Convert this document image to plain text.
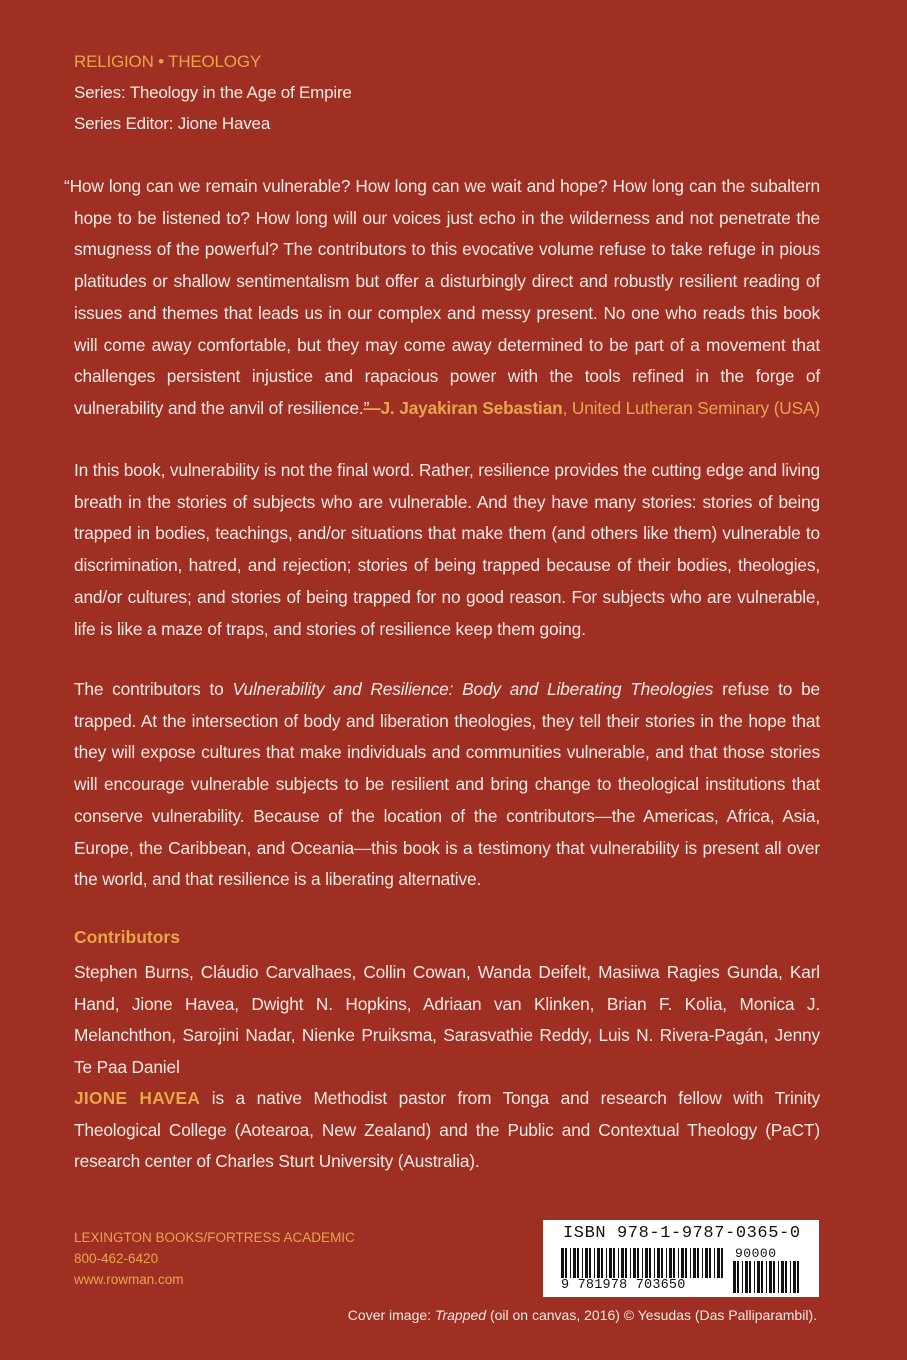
RELIGION • THEOLOGY
Series: Theology in the Age of Empire
Series Editor: Jione Havea
“How long can we remain vulnerable? How long can we wait and hope? How long can the subaltern hope to be listened to? How long will our voices just echo in the wilderness and not penetrate the smugness of the powerful? The contributors to this evocative volume refuse to take refuge in pious platitudes or shallow sentimentalism but offer a disturbingly direct and robustly resilient reading of issues and themes that leads us in our complex and messy present. No one who reads this book will come away comfortable, but they may come away determined to be part of a movement that challenges persistent injustice and rapacious power with the tools refined in the forge of vulnerability and the anvil of resilience.”
—J. Jayakiran Sebastian, United Lutheran Seminary (USA)
In this book, vulnerability is not the final word. Rather, resilience provides the cutting edge and living breath in the stories of subjects who are vulnerable. And they have many stories: stories of being trapped in bodies, teachings, and/or situations that make them (and others like them) vulnerable to discrimination, hatred, and rejection; stories of being trapped because of their bodies, theologies, and/or cultures; and stories of being trapped for no good reason. For subjects who are vulnerable, life is like a maze of traps, and stories of resilience keep them going.
The contributors to Vulnerability and Resilience: Body and Liberating Theologies refuse to be trapped. At the intersection of body and liberation theologies, they tell their stories in the hope that they will expose cultures that make individuals and communities vulnerable, and that those stories will encourage vulnerable subjects to be resilient and bring change to theological institutions that conserve vulnerability. Because of the location of the contributors—the Americas, Africa, Asia, Europe, the Caribbean, and Oceania—this book is a testimony that vulnerability is present all over the world, and that resilience is a liberating alternative.
Contributors
Stephen Burns, Cláudio Carvalhaes, Collin Cowan, Wanda Deifelt, Masiiwa Ragies Gunda, Karl Hand, Jione Havea, Dwight N. Hopkins, Adriaan van Klinken, Brian F. Kolia, Monica J. Melanchthon, Sarojini Nadar, Nienke Pruiksma, Sarasvathie Reddy, Luis N. Rivera-Pagán, Jenny Te Paa Daniel
JIONE HAVEA is a native Methodist pastor from Tonga and research fellow with Trinity Theological College (Aotearoa, New Zealand) and the Public and Contextual Theology (PaCT) research center of Charles Sturt University (Australia).
LEXINGTON BOOKS/FORTRESS ACADEMIC
800-462-6420
www.rowman.com
ISBN 978-1-9787-0365-0
90000
9 781978 703650
Cover image: Trapped (oil on canvas, 2016) © Yesudas (Das Palliparambil).
